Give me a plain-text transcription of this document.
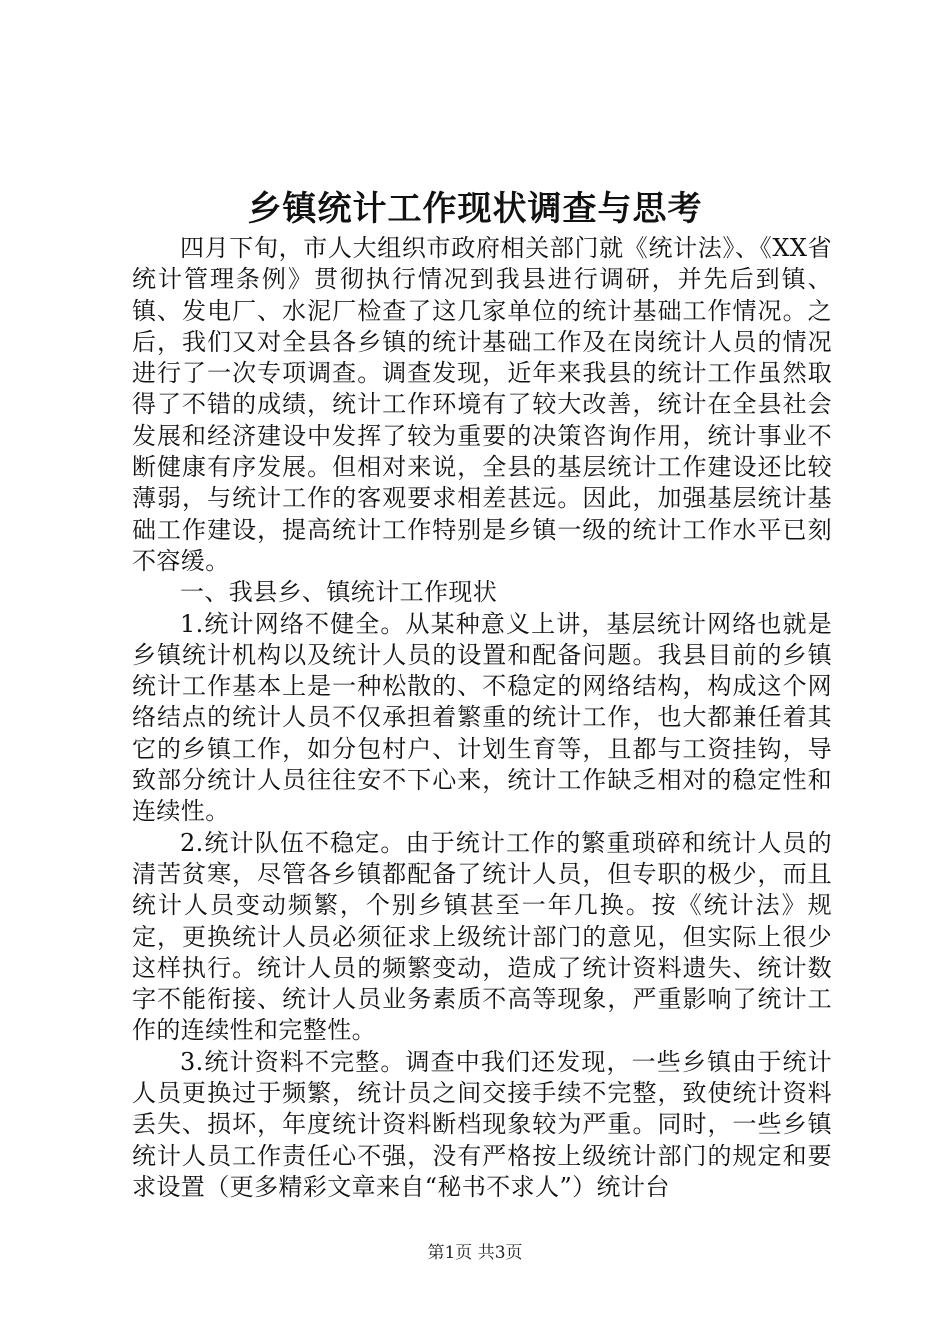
乡镇统计工作现状调查与思考

四月下旬，市人大组织市政府相关部门就《统计法》、《XX省统计管理条例》贯彻执行情况到我县进行调研，并先后到镇、镇、发电厂、水泥厂检查了这几家单位的统计基础工作情况。之后，我们又对全县各乡镇的统计基础工作及在岗统计人员的情况进行了一次专项调查。调查发现，近年来我县的统计工作虽然取得了不错的成绩，统计工作环境有了较大改善，统计在全县社会发展和经济建设中发挥了较为重要的决策咨询作用，统计事业不断健康有序发展。但相对来说，全县的基层统计工作建设还比较薄弱，与统计工作的客观要求相差甚远。因此，加强基层统计基础工作建设，提高统计工作特别是乡镇一级的统计工作水平已刻不容缓。

一、我县乡、镇统计工作现状

1.统计网络不健全。从某种意义上讲，基层统计网络也就是乡镇统计机构以及统计人员的设置和配备问题。我县目前的乡镇统计工作基本上是一种松散的、不稳定的网络结构，构成这个网络结点的统计人员不仅承担着繁重的统计工作，也大都兼任着其它的乡镇工作，如分包村户、计划生育等，且都与工资挂钩，导致部分统计人员往往安不下心来，统计工作缺乏相对的稳定性和连续性。

2.统计队伍不稳定。由于统计工作的繁重琐碎和统计人员的清苦贫寒，尽管各乡镇都配备了统计人员，但专职的极少，而且统计人员变动频繁，个别乡镇甚至一年几换。按《统计法》规定，更换统计人员必须征求上级统计部门的意见，但实际上很少这样执行。统计人员的频繁变动，造成了统计资料遗失、统计数字不能衔接、统计人员业务素质不高等现象，严重影响了统计工作的连续性和完整性。

3.统计资料不完整。调查中我们还发现，一些乡镇由于统计人员更换过于频繁，统计员之间交接手续不完整，致使统计资料丢失、损坏，年度统计资料断档现象较为严重。同时，一些乡镇统计人员工作责任心不强，没有严格按上级统计部门的规定和要求设置（更多精彩文章来自“秘书不求人”）统计台

第1页 共3页
